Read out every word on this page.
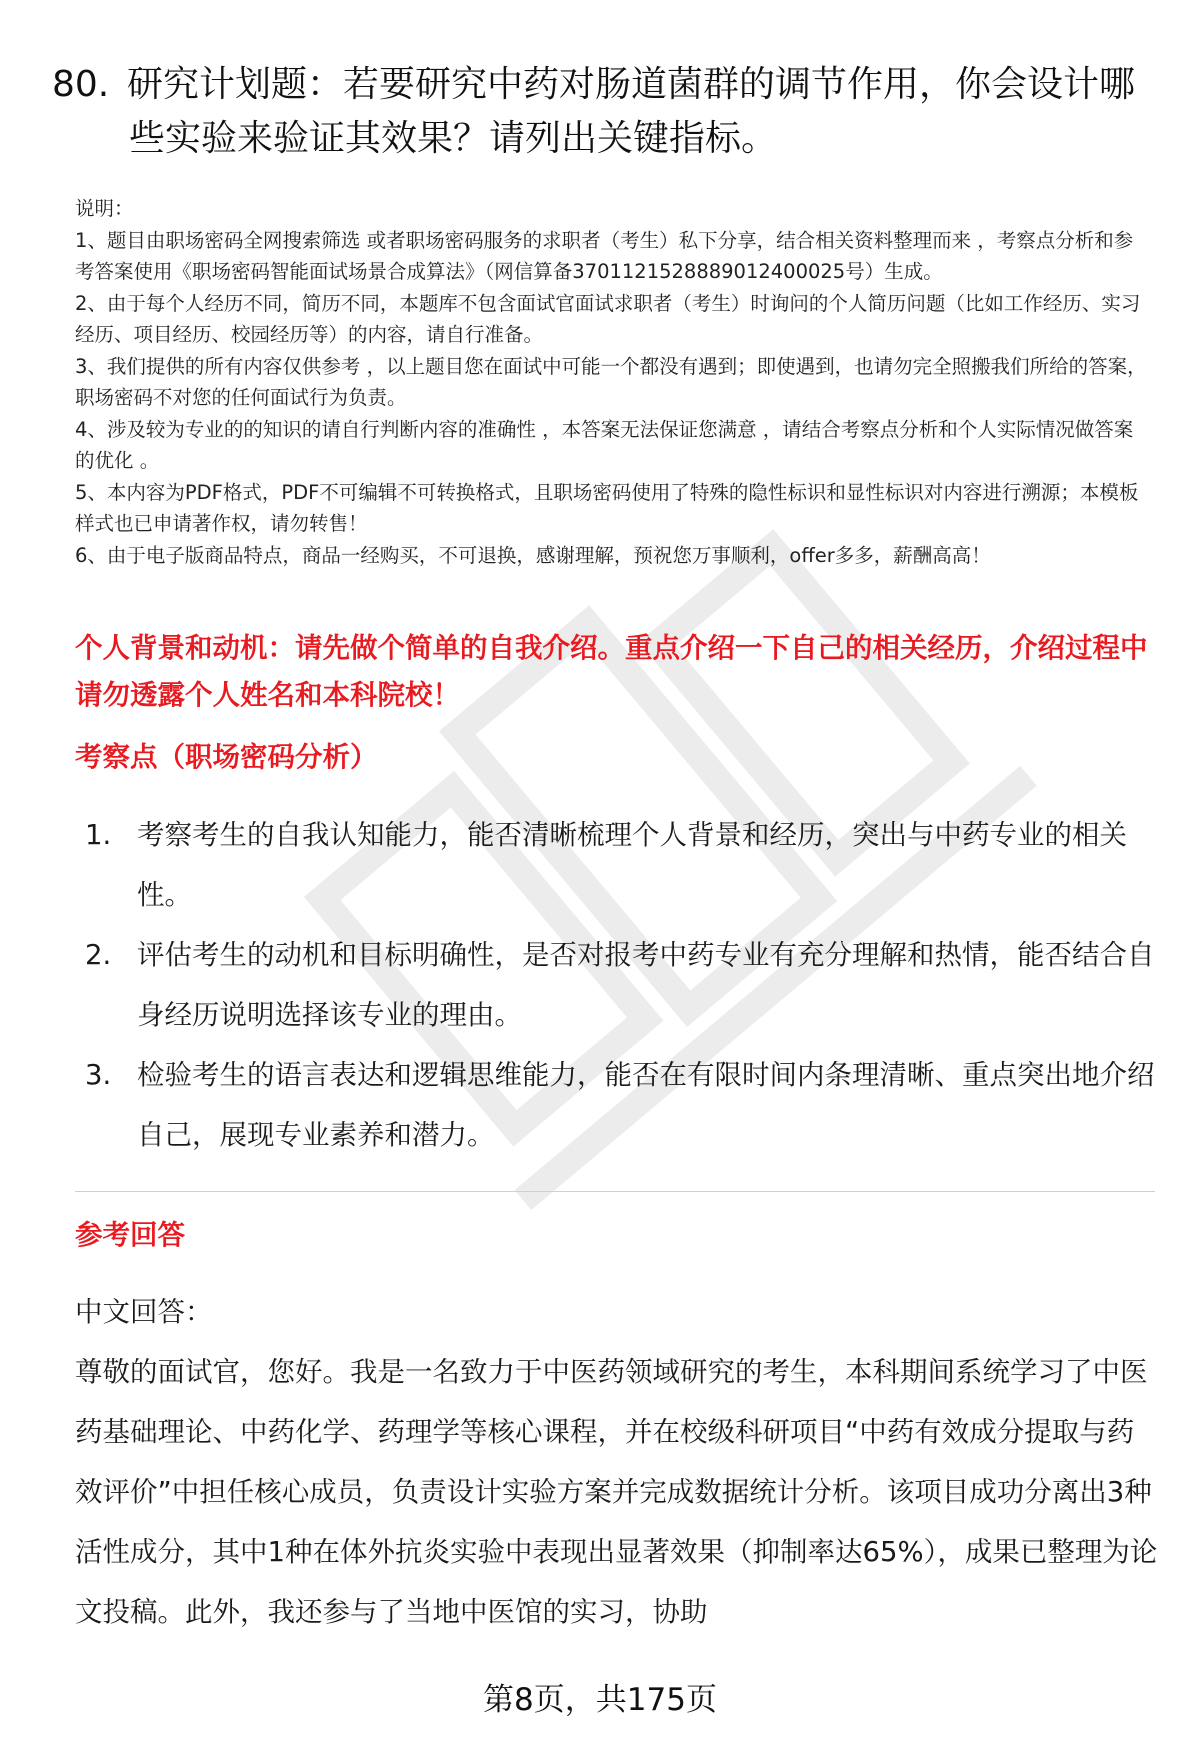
80. 研究计划题：若要研究中药对肠道菌群的调节作用，你会设计哪
些实验来验证其效果？请列出关键指标。

说明：

1、题目由职场密码全网搜索筛选 或者职场密码服务的求职者（考生）私下分享，结合相关资料整理而来 ，考察点分析和参考答案使用《职场密码智能面试场景合成算法》（网信算备3701121528889012400025号）生成。

2、由于每个人经历不同，简历不同，本题库不包含面试官面试求职者（考生）时询问的个人简历问题（比如工作经历、实习经历、项目经历、校园经历等）的内容，请自行准备。

3、我们提供的所有内容仅供参考 ，以上题目您在面试中可能一个都没有遇到；即使遇到，也请勿完全照搬我们所给的答案，职场密码不对您的任何面试行为负责。

4、涉及较为专业的的知识的请自行判断内容的准确性 ，本答案无法保证您满意 ，请结合考察点分析和个人实际情况做答案的优化 。

5、本内容为PDF格式，PDF不可编辑不可转换格式，且职场密码使用了特殊的隐性标识和显性标识对内容进行溯源；本模板样式也已申请著作权，请勿转售！

6、由于电子版商品特点，商品一经购买，不可退换，感谢理解，预祝您万事顺利，offer多多，薪酬高高！

个人背景和动机：请先做个简单的自我介绍。重点介绍一下自己的相关经历，介绍过程中请勿透露个人姓名和本科院校！
考察点（职场密码分析）
1. 考察考生的自我认知能力，能否清晰梳理个人背景和经历，突出与中药专业的相关性。
2. 评估考生的动机和目标明确性，是否对报考中药专业有充分理解和热情，能否结合自身经历说明选择该专业的理由。
3. 检验考生的语言表达和逻辑思维能力，能否在有限时间内条理清晰、重点突出地介绍自己，展现专业素养和潜力。
参考回答

中文回答：

尊敬的面试官，您好。我是一名致力于中医药领域研究的考生，本科期间系统学习了中医药基础理论、中药化学、药理学等核心课程，并在校级科研项目“中药有效成分提取与药效评价”中担任核心成员，负责设计实验方案并完成数据统计分析。该项目成功分离出3种活性成分，其中1种在体外抗炎实验中表现出显著效果（抑制率达65%），成果已整理为论文投稿。此外，我还参与了当地中医馆的实习，协助

第8页，共175页
